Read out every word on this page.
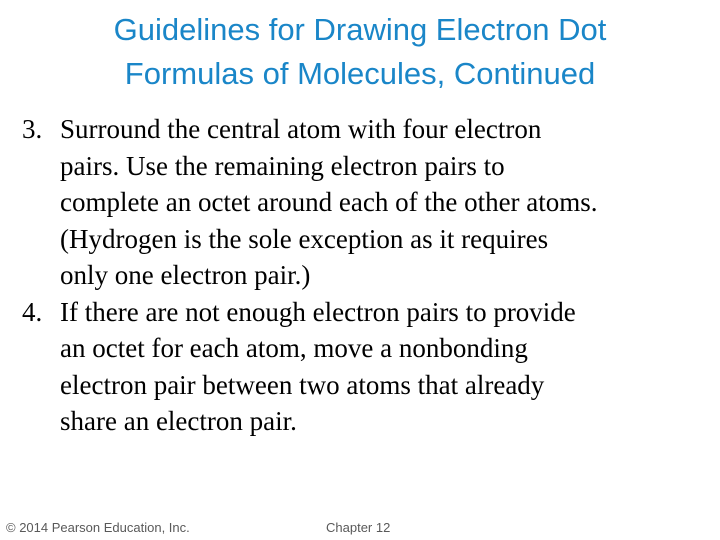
Guidelines for Drawing Electron Dot
Formulas of Molecules, Continued
3. Surround the central atom with four electron
pairs. Use the remaining electron pairs to
complete an octet around each of the other atoms.
(Hydrogen is the sole exception as it requires
only one electron pair.)
4. If there are not enough electron pairs to provide
an octet for each atom, move a nonbonding
electron pair between two atoms that already
share an electron pair.
© 2014 Pearson Education, Inc.	Chapter 12
